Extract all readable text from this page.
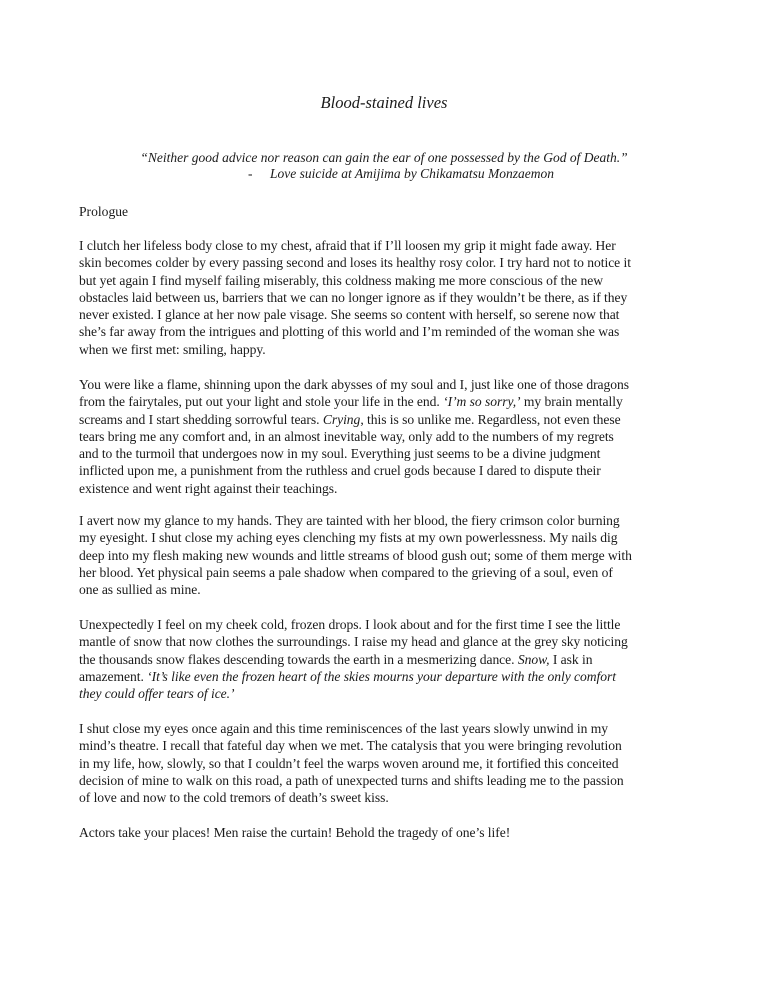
Blood-stained lives
“Neither good advice nor reason can gain the ear of one possessed by the God of Death.”
- Love suicide at Amijima by Chikamatsu Monzaemon
Prologue
I clutch her lifeless body close to my chest, afraid that if I’ll loosen my grip it might fade away. Her
skin becomes colder by every passing second and loses its healthy rosy color. I try hard not to notice it
but yet again I find myself failing miserably, this coldness making me more conscious of the new
obstacles laid between us, barriers that we can no longer ignore as if they wouldn’t be there, as if they
never existed. I glance at her now pale visage. She seems so content with herself, so serene now that
she’s far away from the intrigues and plotting of this world and I’m reminded of the woman she was
when we first met: smiling, happy.
You were like a flame, shinning upon the dark abysses of my soul and I, just like one of those dragons
from the fairytales, put out your light and stole your life in the end. ‘I’m so sorry,’ my brain mentally
screams and I start shedding sorrowful tears. Crying, this is so unlike me. Regardless, not even these
tears bring me any comfort and, in an almost inevitable way, only add to the numbers of my regrets
and to the turmoil that undergoes now in my soul. Everything just seems to be a divine judgment
inflicted upon me, a punishment from the ruthless and cruel gods because I dared to dispute their
existence and went right against their teachings.
I avert now my glance to my hands. They are tainted with her blood, the fiery crimson color burning
my eyesight. I shut close my aching eyes clenching my fists at my own powerlessness. My nails dig
deep into my flesh making new wounds and little streams of blood gush out; some of them merge with
her blood. Yet physical pain seems a pale shadow when compared to the grieving of a soul, even of
one as sullied as mine.
Unexpectedly I feel on my cheek cold, frozen drops. I look about and for the first time I see the little
mantle of snow that now clothes the surroundings. I raise my head and glance at the grey sky noticing
the thousands snow flakes descending towards the earth in a mesmerizing dance. Snow, I ask in
amazement. ‘It’s like even the frozen heart of the skies mourns your departure with the only comfort
they could offer tears of ice.’
I shut close my eyes once again and this time reminiscences of the last years slowly unwind in my
mind’s theatre. I recall that fateful day when we met. The catalysis that you were bringing revolution
in my life, how, slowly, so that I couldn’t feel the warps woven around me, it fortified this conceited
decision of mine to walk on this road, a path of unexpected turns and shifts leading me to the passion
of love and now to the cold tremors of death’s sweet kiss.
Actors take your places! Men raise the curtain! Behold the tragedy of one’s life!
